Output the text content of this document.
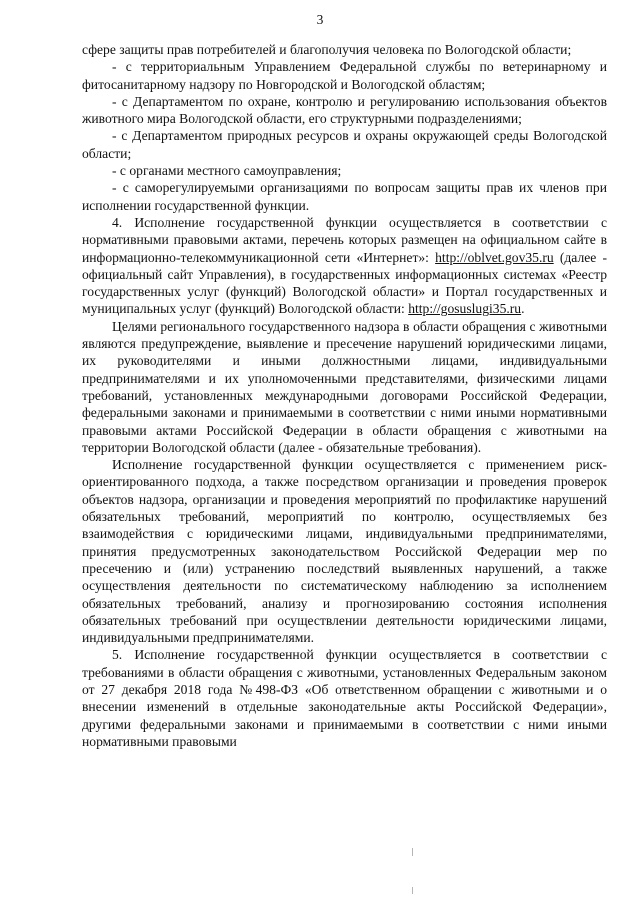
3

сфере защиты прав потребителей и благополучия человека по Вологодской области;

- с территориальным Управлением Федеральной службы по ветеринарному и фитосанитарному надзору по Новгородской и Вологодской областям;

- с Департаментом по охране, контролю и регулированию использования объектов животного мира Вологодской области, его структурными подразделениями;

- с Департаментом природных ресурсов и охраны окружающей среды Вологодской области;

- с органами местного самоуправления;

- с саморегулируемыми организациями по вопросам защиты прав их членов при исполнении государственной функции.

4. Исполнение государственной функции осуществляется в соответствии с нормативными правовыми актами, перечень которых размещен на официальном сайте в информационно-телекоммуникационной сети «Интернет»: http://oblvet.gov35.ru (далее - официальный сайт Управления), в государственных информационных системах «Реестр государственных услуг (функций) Вологодской области» и Портал государственных и муниципальных услуг (функций) Вологодской области: http://gosuslugi35.ru.

Целями регионального государственного надзора в области обращения с животными являются предупреждение, выявление и пресечение нарушений юридическими лицами, их руководителями и иными должностными лицами, индивидуальными предпринимателями и их уполномоченными представителями, физическими лицами требований, установленных международными договорами Российской Федерации, федеральными законами и принимаемыми в соответствии с ними иными нормативными правовыми актами Российской Федерации в области обращения с животными на территории Вологодской области (далее - обязательные требования).

Исполнение государственной функции осуществляется с применением риск-ориентированного подхода, а также посредством организации и проведения проверок объектов надзора, организации и проведения мероприятий по профилактике нарушений обязательных требований, мероприятий по контролю, осуществляемых без взаимодействия с юридическими лицами, индивидуальными предпринимателями, принятия предусмотренных законодательством Российской Федерации мер по пресечению и (или) устранению последствий выявленных нарушений, а также осуществления деятельности по систематическому наблюдению за исполнением обязательных требований, анализу и прогнозированию состояния исполнения обязательных требований при осуществлении деятельности юридическими лицами, индивидуальными предпринимателями.

5. Исполнение государственной функции осуществляется в соответствии с требованиями в области обращения с животными, установленных Федеральным законом от 27 декабря 2018 года №498-ФЗ «Об ответственном обращении с животными и о внесении изменений в отдельные законодательные акты Российской Федерации», другими федеральными законами и принимаемыми в соответствии с ними иными нормативными правовыми
